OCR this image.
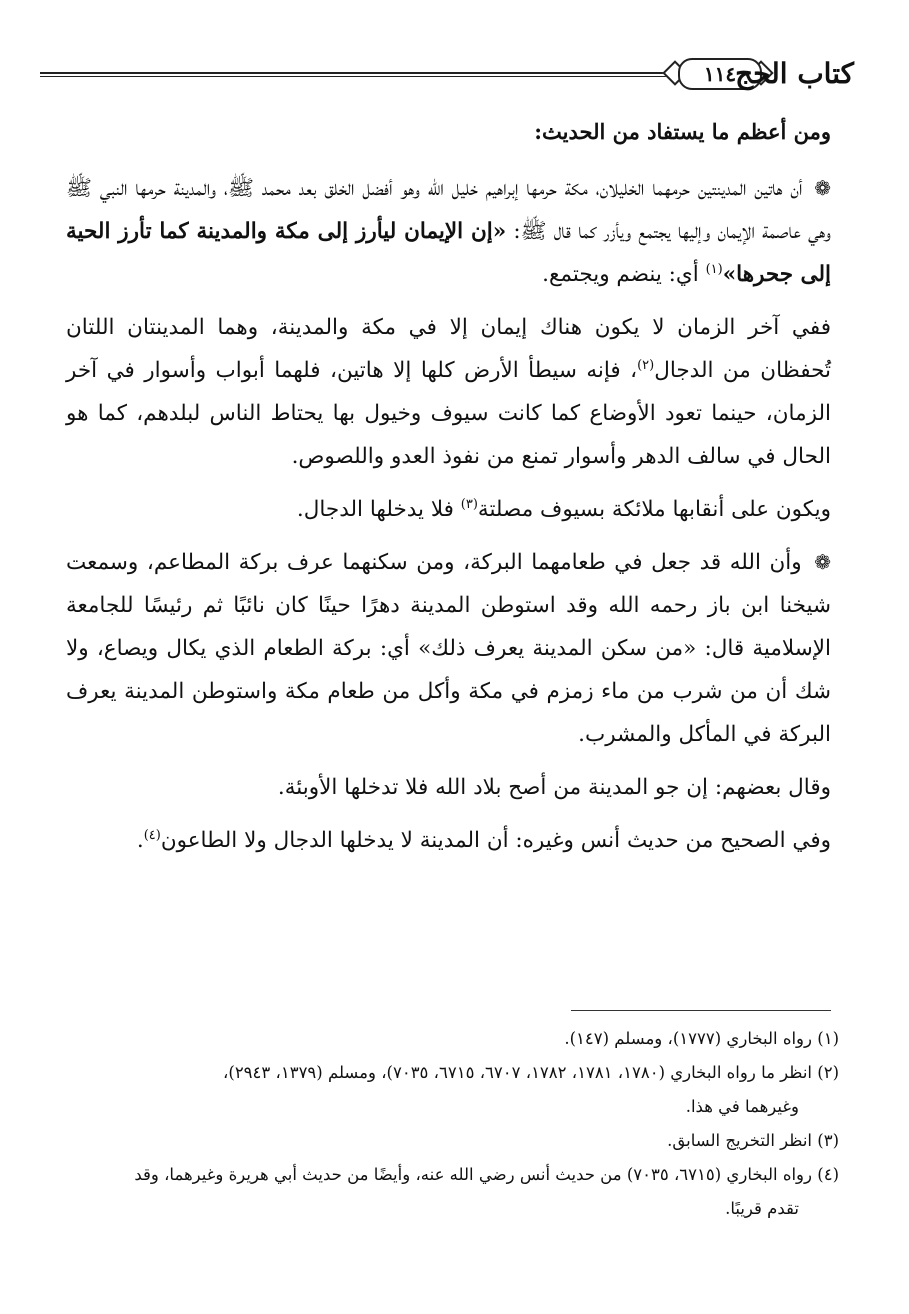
١١٤ كتاب الحج

ومن أعظم ما يستفاد من الحديث:

❁ أن هاتين المدينتين حرمهما الخليلان، مكة حرمها إبراهيم خليل الله وهو أفضل الخلق بعد محمد ﷺ، والمدينة حرمها النبي ﷺ وهي عاصمة الإيمان وإليها يجتمع ويأزر كما قال ﷺ: «إن الإيمان ليأرز إلى مكة والمدينة كما تأرز الحية إلى جحرها»$^{(١)}$ أي: ينضم ويجتمع.

ففي آخر الزمان لا يكون هناك إيمان إلا في مكة والمدينة، وهما المدينتان اللتان تُحفظان من الدجال$^{(٢)}$، فإنه سيطأ الأرض كلها إلا هاتين، فلهما أبواب وأسوار في آخر الزمان، حينما تعود الأوضاع كما كانت سيوف وخيول بها يحتاط الناس لبلدهم، كما هو الحال في سالف الدهر وأسوار تمنع من نفوذ العدو واللصوص.

ويكون على أنقابها ملائكة بسيوف مصلتة$^{(٣)}$ فلا يدخلها الدجال.

❁ وأن الله قد جعل في طعامهما البركة، ومن سكنهما عرف بركة المطاعم، وسمعت شيخنا ابن باز رحمه الله وقد استوطن المدينة دهرًا حينًا كان نائبًا ثم رئيسًا للجامعة الإسلامية قال: «من سكن المدينة يعرف ذلك» أي: بركة الطعام الذي يكال ويصاع، ولا شك أن من شرب من ماء زمزم في مكة وأكل من طعام مكة واستوطن المدينة يعرف البركة في المأكل والمشرب.

وقال بعضهم: إن جو المدينة من أصح بلاد الله فلا تدخلها الأوبئة.

وفي الصحيح من حديث أنس وغيره: أن المدينة لا يدخلها الدجال ولا الطاعون$^{(٤)}$.

(١) رواه البخاري (١٧٧٧)، ومسلم (١٤٧).

(٢) انظر ما رواه البخاري (١٧٨٠، ١٧٨١، ١٧٨٢، ٦٧٠٧، ٦٧١٥، ٧٠٣٥)، ومسلم (١٣٧٩، ٢٩٤٣)،

وغيرهما في هذا.

(٣) انظر التخريج السابق.

(٤) رواه البخاري (٦٧١٥، ٧٠٣٥) من حديث أنس رضي الله عنه، وأيضًا من حديث أبي هريرة وغيرهما، وقد

تقدم قريبًا.
